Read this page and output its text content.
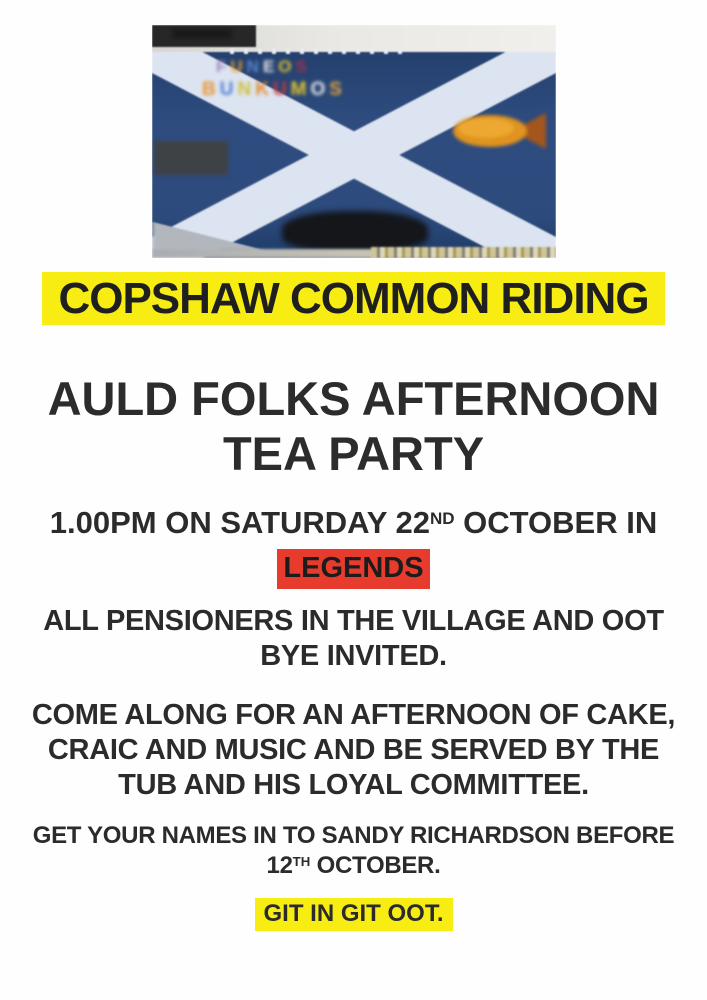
FUNEOS
BUNKUMOS
COPSHAW COMMON RIDING
AULD FOLKS AFTERNOON
TEA PARTY
1.00PM ON SATURDAY 22ND OCTOBER IN
LEGENDS
ALL PENSIONERS IN THE VILLAGE AND OOT
BYE INVITED.
COME ALONG FOR AN AFTERNOON OF CAKE,
CRAIC AND MUSIC AND BE SERVED BY THE
TUB AND HIS LOYAL COMMITTEE.
GET YOUR NAMES IN TO SANDY RICHARDSON BEFORE
12TH OCTOBER.
GIT IN GIT OOT.
